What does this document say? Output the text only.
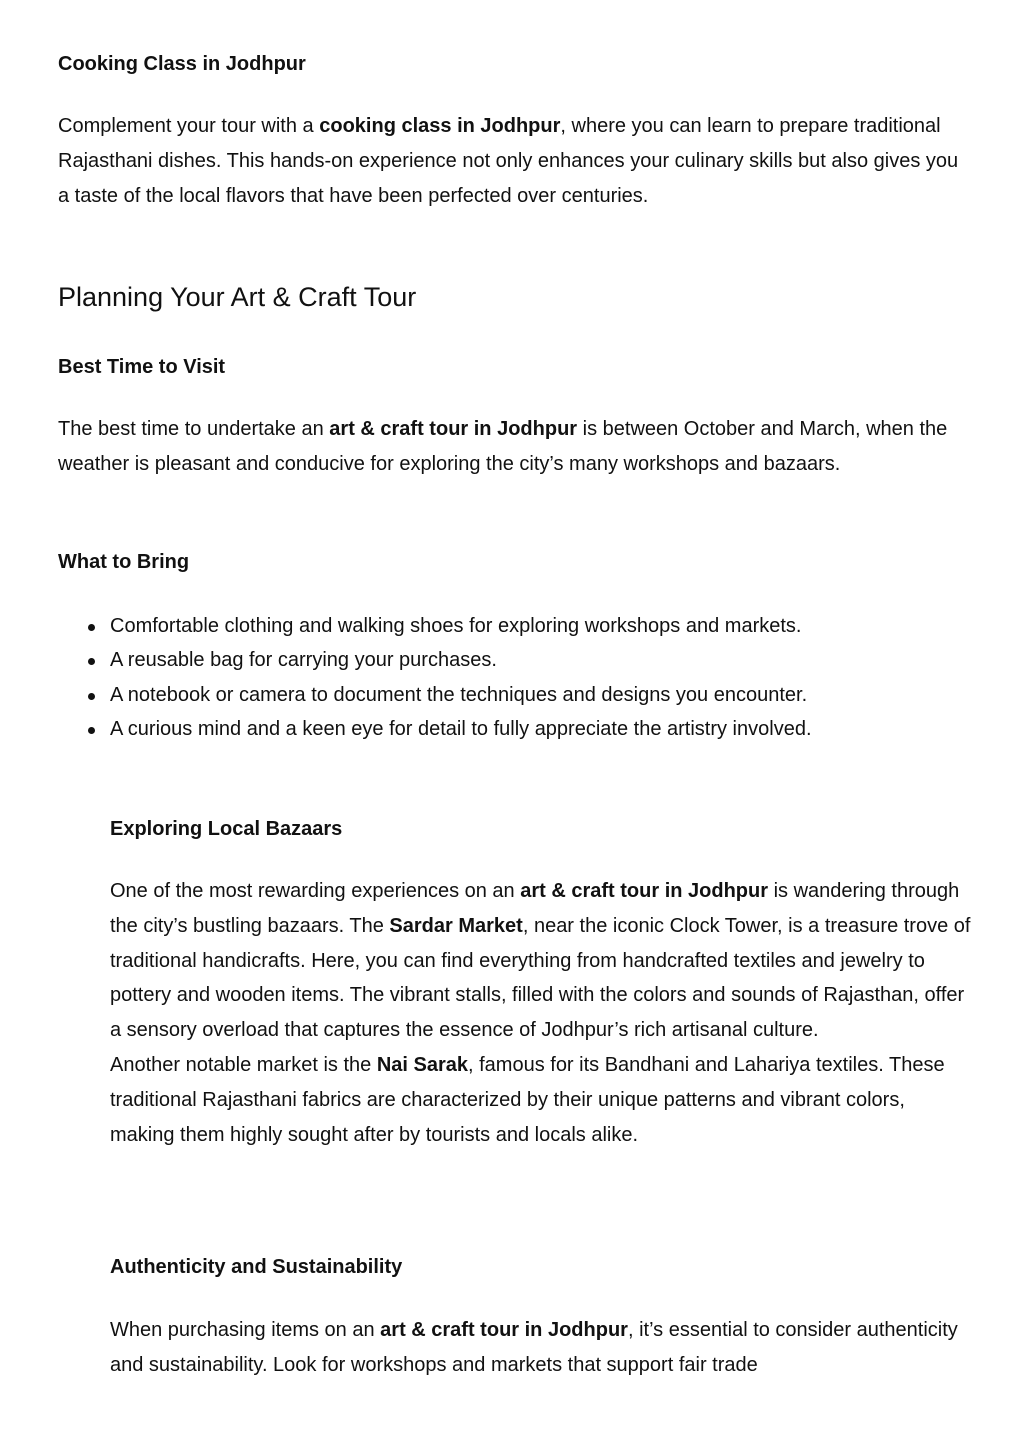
Cooking Class in Jodhpur

Complement your tour with a cooking class in Jodhpur, where you can learn to prepare traditional Rajasthani dishes. This hands-on experience not only enhances your culinary skills but also gives you a taste of the local flavors that have been perfected over centuries.

Planning Your Art & Craft Tour
Best Time to Visit

The best time to undertake an art & craft tour in Jodhpur is between October and March, when the weather is pleasant and conducive for exploring the city’s many workshops and bazaars.

What to Bring
Comfortable clothing and walking shoes for exploring workshops and markets.
A reusable bag for carrying your purchases.
A notebook or camera to document the techniques and designs you encounter.
A curious mind and a keen eye for detail to fully appreciate the artistry involved.
Exploring Local Bazaars

One of the most rewarding experiences on an art & craft tour in Jodhpur is wandering through the city’s bustling bazaars. The Sardar Market, near the iconic Clock Tower, is a treasure trove of traditional handicrafts. Here, you can find everything from handcrafted textiles and jewelry to pottery and wooden items. The vibrant stalls, filled with the colors and sounds of Rajasthan, offer a sensory overload that captures the essence of Jodhpur’s rich artisanal culture.
Another notable market is the Nai Sarak, famous for its Bandhani and Lahariya textiles. These traditional Rajasthani fabrics are characterized by their unique patterns and vibrant colors, making them highly sought after by tourists and locals alike.

Authenticity and Sustainability

When purchasing items on an art & craft tour in Jodhpur, it’s essential to consider authenticity and sustainability. Look for workshops and markets that support fair trade
